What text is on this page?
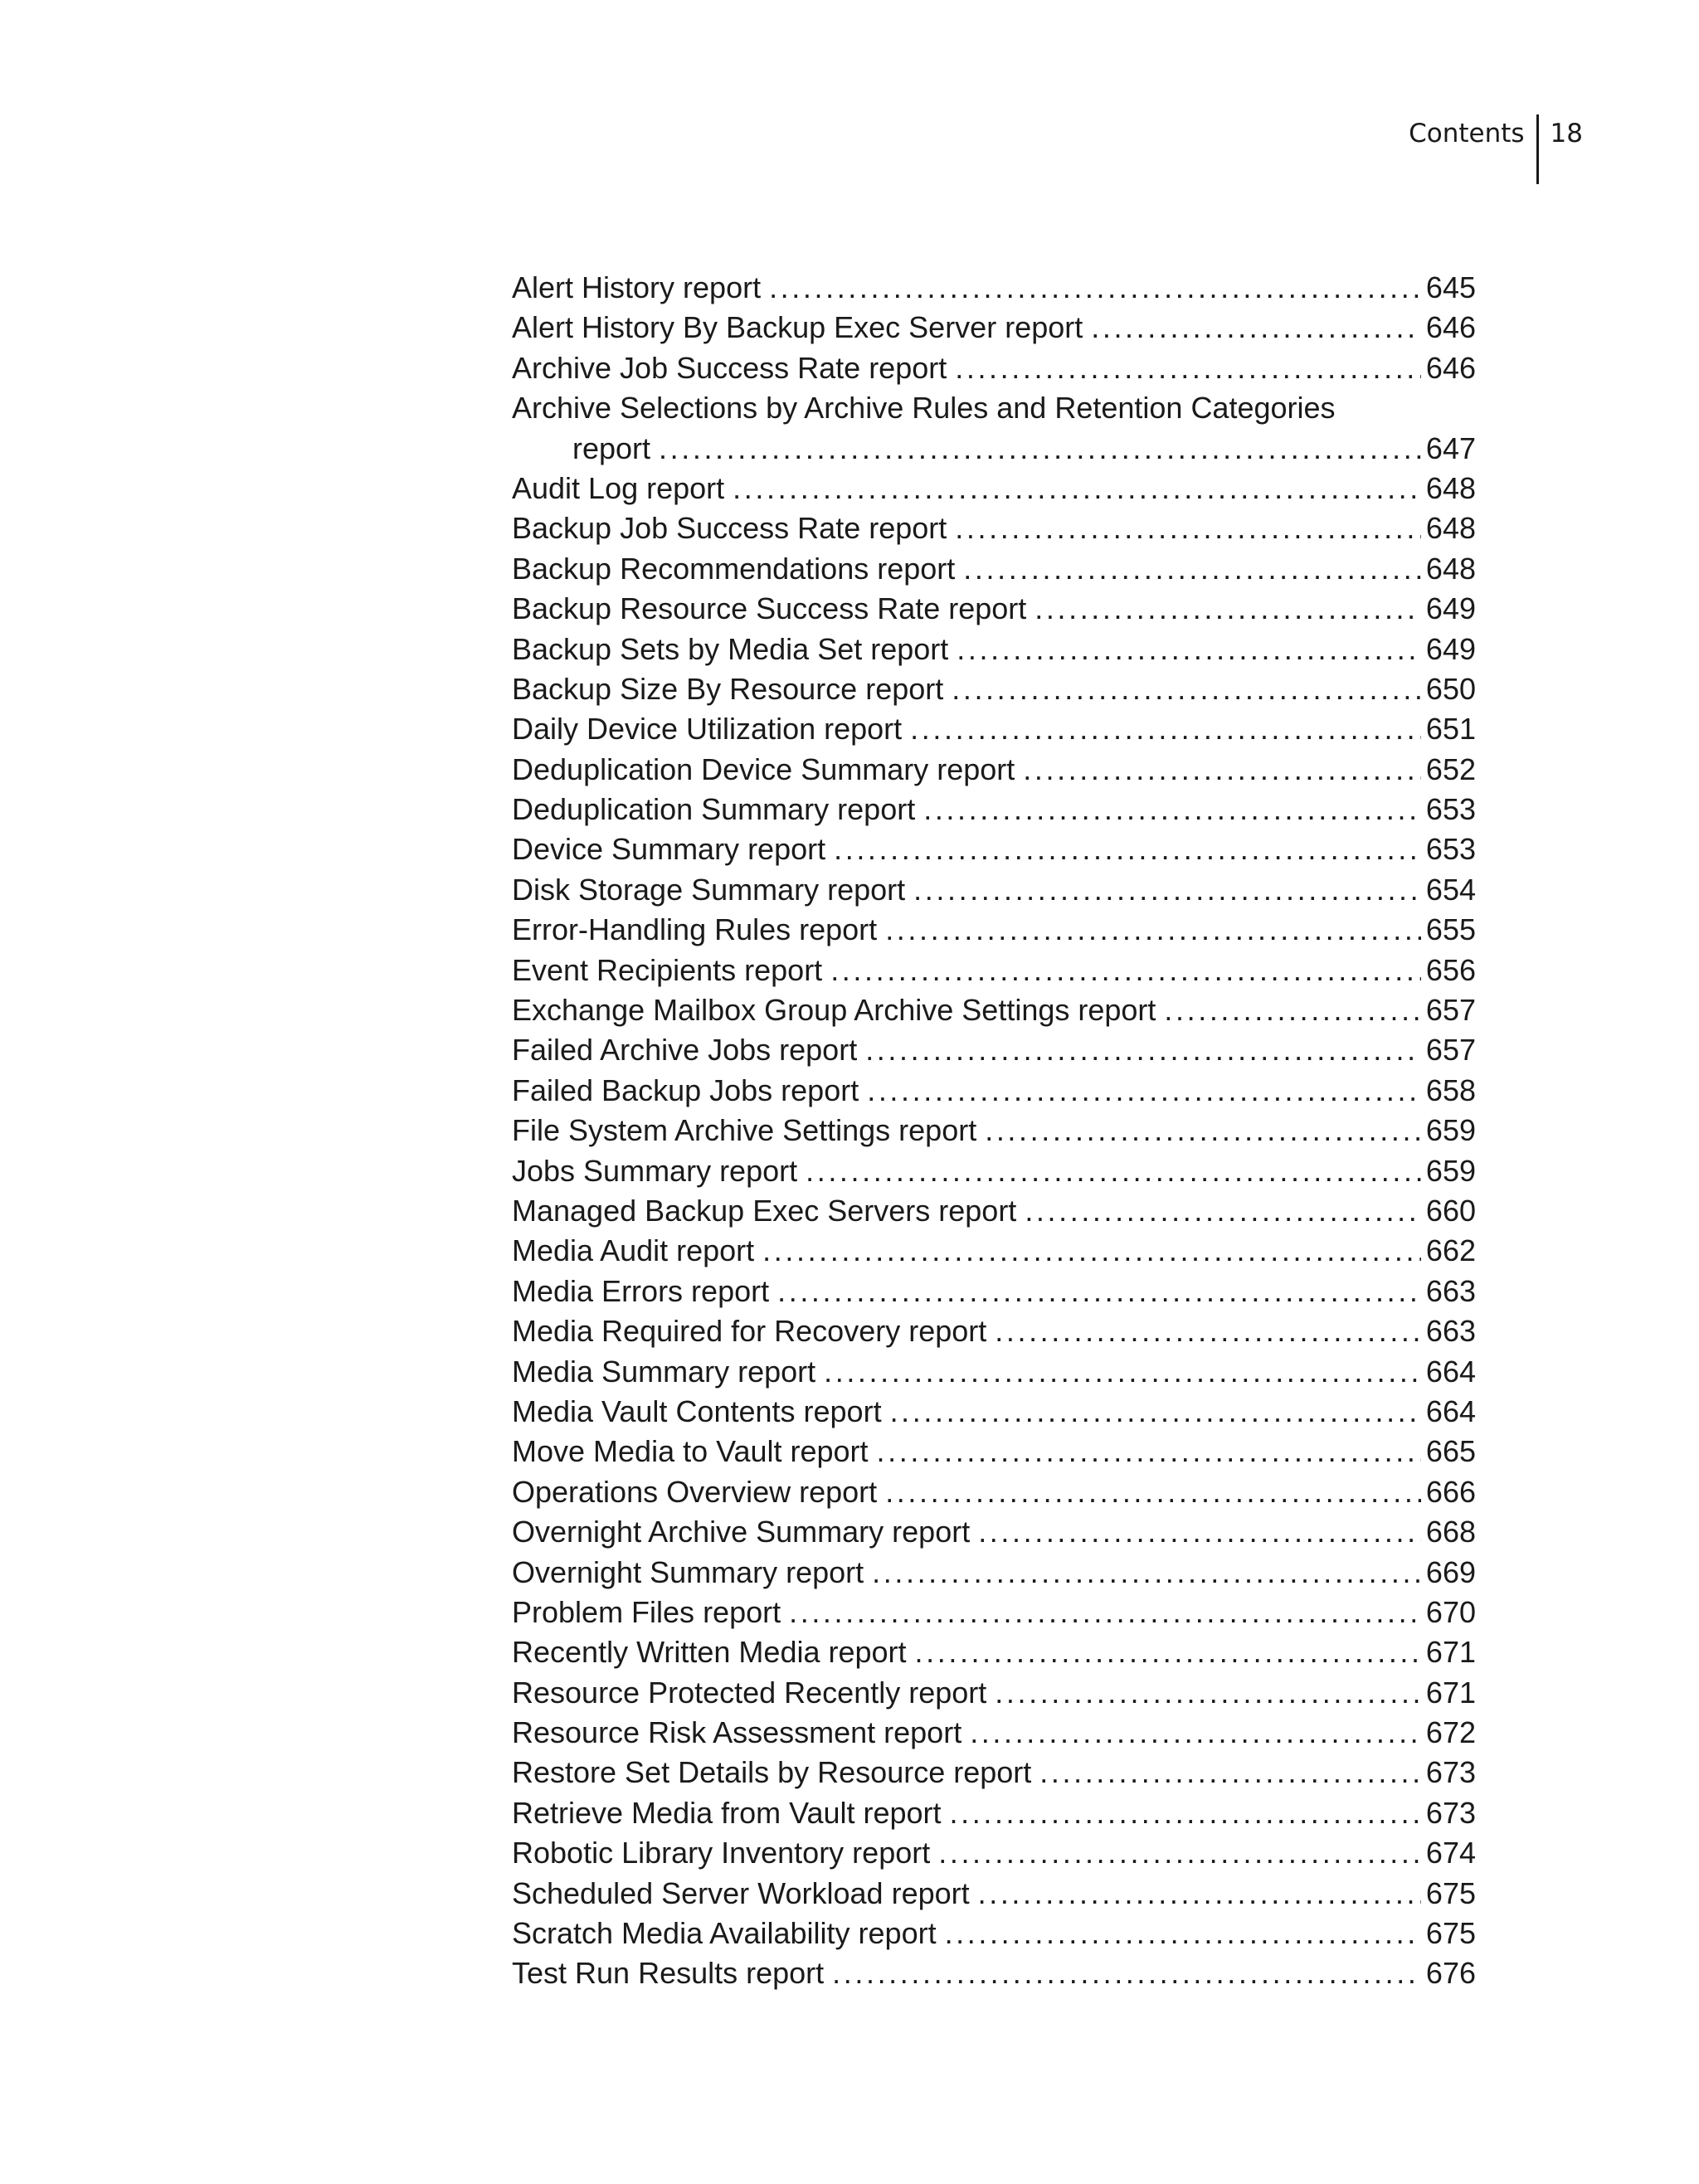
Contents	18
Alert History report .....	645
Alert History By Backup Exec Server report .....	646
Archive Job Success Rate report .....	646
Archive Selections by Archive Rules and Retention Categories
report .....	647
Audit Log report .....	648
Backup Job Success Rate report .....	648
Backup Recommendations report .....	648
Backup Resource Success Rate report .....	649
Backup Sets by Media Set report .....	649
Backup Size By Resource report .....	650
Daily Device Utilization report .....	651
Deduplication Device Summary report .....	652
Deduplication Summary report .....	653
Device Summary report .....	653
Disk Storage Summary report .....	654
Error-Handling Rules report .....	655
Event Recipients report .....	656
Exchange Mailbox Group Archive Settings report .....	657
Failed Archive Jobs report .....	657
Failed Backup Jobs report .....	658
File System Archive Settings report .....	659
Jobs Summary report .....	659
Managed Backup Exec Servers report .....	660
Media Audit report .....	662
Media Errors report .....	663
Media Required for Recovery report .....	663
Media Summary report .....	664
Media Vault Contents report .....	664
Move Media to Vault report .....	665
Operations Overview report .....	666
Overnight Archive Summary report .....	668
Overnight Summary report .....	669
Problem Files report .....	670
Recently Written Media report .....	671
Resource Protected Recently report .....	671
Resource Risk Assessment report .....	672
Restore Set Details by Resource report .....	673
Retrieve Media from Vault report .....	673
Robotic Library Inventory report .....	674
Scheduled Server Workload report .....	675
Scratch Media Availability report .....	675
Test Run Results report .....	676
